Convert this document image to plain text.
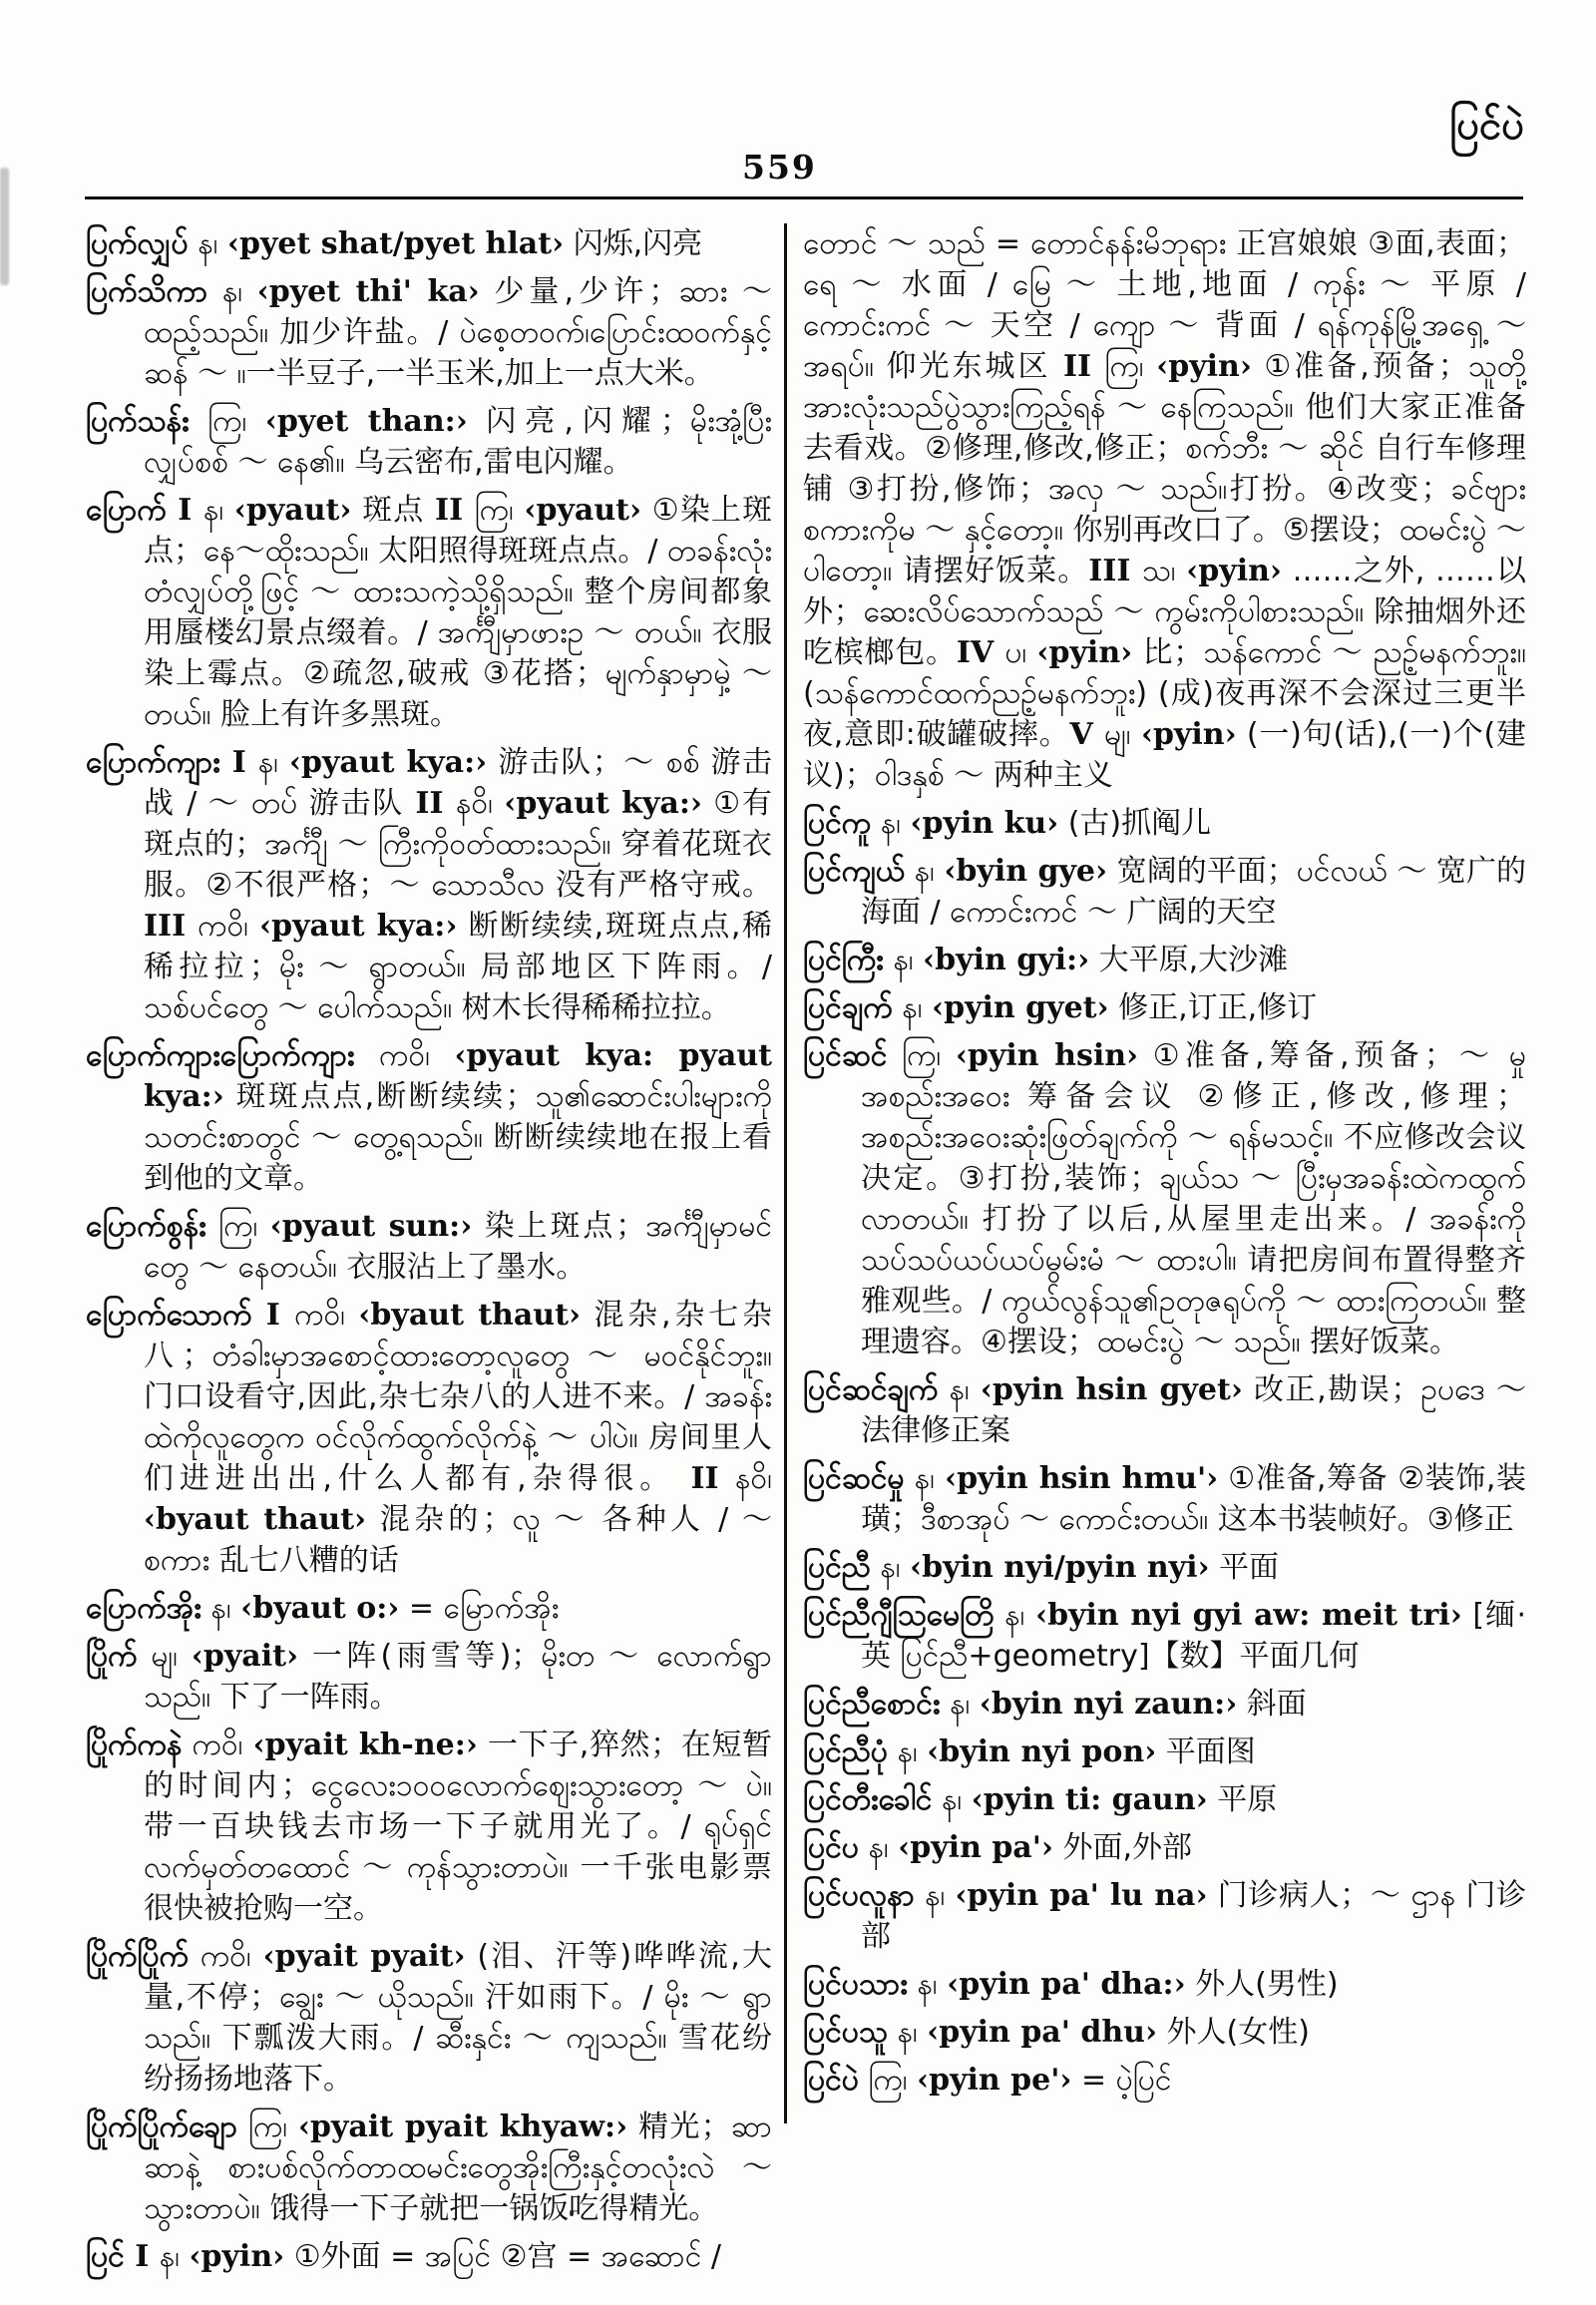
559
ပြင်ပဲ

ပြက်လျှပ် န၊ ‹pyet shat/pyet hlat› 闪烁,闪亮

ပြက်သိကာ န၊ ‹pyet thi' ka› 少量,少许；ဆား ～ ထည့်သည်။ 加少许盐。/ ပဲစေ့တဝက်၊ပြောင်းထဝက်နှင့်ဆန် ～ ။一半豆子,一半玉米,加上一点大米。

ပြက်သန်း ကြ၊ ‹pyet than:› 闪亮,闪耀；မိုးအုံ့ပြီးလျှပ်စစ် ～ နေ၏။ 乌云密布,雷电闪耀。

ပြောက် I န၊ ‹pyaut› 斑点 II ကြ၊ ‹pyaut› ①染上斑点；နေ～ထိုးသည်။ 太阳照得斑斑点点。/ တခန်းလုံးတံလျှပ်တို့ဖြင့် ～ ထားသကဲ့သို့ရှိသည်။ 整个房间都象用蜃楼幻景点缀着。/ အင်္ကျီမှာဖားဥ ～ တယ်။ 衣服染上霉点。②疏忽,破戒 ③花搭；မျက်နှာမှာမှဲ့ ～ တယ်။ 脸上有许多黑斑。

ပြောက်ကျား I န၊ ‹pyaut kya:› 游击队；～ စစ် 游击战 / ～ တပ် 游击队 II နဝိ၊ ‹pyaut kya:› ①有斑点的；အင်္ကျီ ～ ကြီးကိုဝတ်ထားသည်။ 穿着花斑衣服。②不很严格；～ သောသီလ 没有严格守戒。III ကဝိ၊ ‹pyaut kya:› 断断续续,斑斑点点,稀稀拉拉；မိုး ～ ရွာတယ်။ 局部地区下阵雨。/ သစ်ပင်တွေ ～ ပေါက်သည်။ 树木长得稀稀拉拉。

ပြောက်ကျားပြောက်ကျား ကဝိ၊ ‹pyaut kya: pyaut kya:› 斑斑点点,断断续续；သူ၏ဆောင်းပါးများကိုသတင်းစာတွင် ～ တွေ့ရသည်။ 断断续续地在报上看到他的文章。

ပြောက်စွန်း ကြ၊ ‹pyaut sun:› 染上斑点；အင်္ကျီမှာမင်တွေ ～ နေတယ်။ 衣服沾上了墨水。

ပြောက်သောက် I ကဝိ၊ ‹byaut thaut› 混杂,杂七杂八；တံခါးမှာအစောင့်ထားတော့လူတွေ ～ မဝင်နိုင်ဘူး။ 门口设看守,因此,杂七杂八的人进不来。/ အခန်းထဲကိုလူတွေက ဝင်လိုက်ထွက်လိုက်နဲ့ ～ ပါပဲ။ 房间里人们进进出出,什么人都有,杂得很。 II နဝိ၊ ‹byaut thaut› 混杂的；လူ ～ 各种人 / ～ စကား 乱七八糟的话

ပြောက်အိုး န၊ ‹byaut o:› = မြောက်အိုး

ပြိုက် မျ၊ ‹pyait› 一阵(雨雪等)；မိုးတ ～ လောက်ရွာသည်။ 下了一阵雨。

ပြိုက်ကနဲ ကဝိ၊ ‹pyait kh-ne:› 一下子,猝然；在短暂的时间内；ငွေလေး၁ဝဝလောက်ဈေးသွားတော့ ～ ပဲ။ 带一百块钱去市场一下子就用光了。/ ရုပ်ရှင်လက်မှတ်တထောင် ～ ကုန်သွားတာပဲ။ 一千张电影票很快被抢购一空。

ပြိုက်ပြိုက် ကဝိ၊ ‹pyait pyait› (泪、汗等)哗哗流,大量,不停；ချွေး ～ ယိုသည်။ 汗如雨下。/ မိုး ～ ရွာသည်။ 下瓢泼大雨。/ ဆီးနှင်း ～ ကျသည်။ 雪花纷纷扬扬地落下。

ပြိုက်ပြိုက်ချော ကြ၊ ‹pyait pyait khyaw:› 精光；ဆာဆာနဲ့ စားပစ်လိုက်တာထမင်းတွေအိုးကြီးနှင့်တလုံးလဲ ～ သွားတာပဲ။ 饿得一下子就把一锅饭吃得精光。

ပြင် I န၊ ‹pyin› ①外面 = အပြင် ②宫 = အဆောင် /

တောင် ～ သည် = တောင်နန်းမိဘုရား 正宫娘娘 ③面,表面；ရေ ～ 水面 / မြေ ～ 土地,地面 / ကုန်း ～ 平原 / ကောင်းကင် ～ 天空 / ကျော ～ 背面 / ရန်ကုန်မြို့အရှေ့ ～ အရပ်။ 仰光东城区 II ကြ၊ ‹pyin› ①准备,预备；သူတို့အားလုံးသည်ပွဲသွားကြည့်ရန် ～ နေကြသည်။ 他们大家正准备去看戏。②修理,修改,修正；စက်ဘီး ～ ဆိုင် 自行车修理铺 ③打扮,修饰；အလှ ～ သည်။打扮。④改变；ခင်ဗျားစကားကိုမ ～ နှင့်တော့။ 你别再改口了。⑤摆设；ထမင်းပွဲ ～ ပါတော့။ 请摆好饭菜。III သ၊ ‹pyin› ……之外, ……以外；ဆေးလိပ်သောက်သည် ～ ကွမ်းကိုပါစားသည်။ 除抽烟外还吃槟榔包。IV ပ၊ ‹pyin› 比；သန်ကောင် ～ ညဉ့်မနက်ဘူး။(သန်ကောင်ထက်ညဉ့်မနက်ဘူး) (成)夜再深不会深过三更半夜,意即:破罐破摔。V မျ၊ ‹pyin› (一)句(话),(一)个(建议)；ဝါဒနှစ် ～ 两种主义

ပြင်ကူ န၊ ‹pyin ku› (古)抓阄儿

ပြင်ကျယ် န၊ ‹byin gye› 宽阔的平面；ပင်လယ် ～ 宽广的海面 / ကောင်းကင် ～ 广阔的天空

ပြင်ကြီး န၊ ‹byin gyi:› 大平原,大沙滩

ပြင်ချက် န၊ ‹pyin gyet› 修正,订正,修订

ပြင်ဆင် ကြ၊ ‹pyin hsin› ①准备,筹备,预备；～ မှုအစည်းအဝေး 筹备会议 ②修正,修改,修理；အစည်းအဝေးဆုံးဖြတ်ချက်ကို ～ ရန်မသင့်။ 不应修改会议决定。③打扮,装饰；ချယ်သ ～ ပြီးမှအခန်းထဲကထွက်လာတယ်။ 打扮了以后,从屋里走出来。/ အခန်းကိုသပ်သပ်ယပ်ယပ်မွမ်းမံ ～ ထားပါ။ 请把房间布置得整齐雅观些。/ ကွယ်လွန်သူ၏ဥတုဇရုပ်ကို ～ ထားကြတယ်။ 整理遗容。④摆设；ထမင်းပွဲ ～ သည်။ 摆好饭菜。

ပြင်ဆင်ချက် န၊ ‹pyin hsin gyet› 改正,勘误；ဥပဒေ ～ 法律修正案

ပြင်ဆင်မှု န၊ ‹pyin hsin hmu'› ①准备,筹备 ②装饰,装璜；ဒီစာအုပ် ～ ကောင်းတယ်။ 这本书装帧好。③修正

ပြင်ညီ န၊ ‹byin nyi/pyin nyi› 平面

ပြင်ညီဂျီဩမေတြိ န၊ ‹byin nyi gyi aw: meit tri› [缅·英 ပြင်ညီ+geometry]【数】平面几何

ပြင်ညီစောင်း န၊ ‹byin nyi zaun:› 斜面

ပြင်ညီပုံ န၊ ‹byin nyi pon› 平面图

ပြင်တီးခေါင် န၊ ‹pyin ti: gaun› 平原

ပြင်ပ န၊ ‹pyin pa'› 外面,外部

ပြင်ပလူနာ န၊ ‹pyin pa' lu na› 门诊病人；～ ဌာန 门诊部

ပြင်ပသား န၊ ‹pyin pa' dha:› 外人(男性)

ပြင်ပသူ န၊ ‹pyin pa' dhu› 外人(女性)

ပြင်ပဲ ကြ၊ ‹pyin pe'› = ပဲ့ပြင်
